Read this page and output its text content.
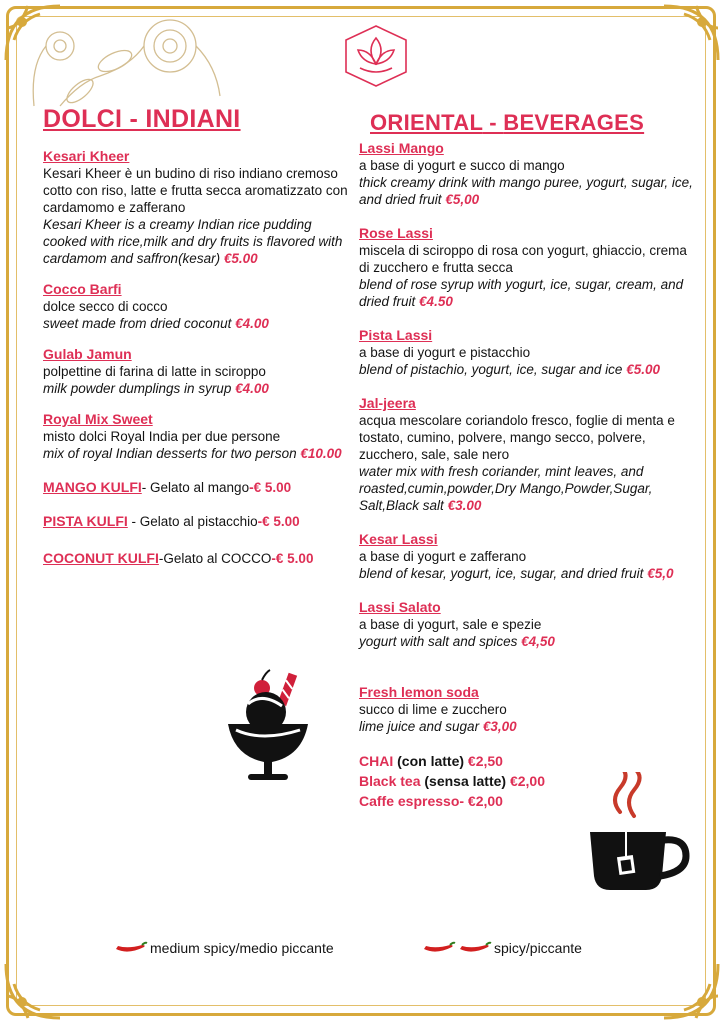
DOLCI - INDIANI
Kesari Kheer
Kesari Kheer è un budino di riso indiano cremoso cotto con riso, latte e frutta secca aromatizzato con cardamomo e zafferano
Kesari Kheer is a creamy Indian rice pudding cooked with rice,milk and dry fruits is flavored with cardamom and saffron(kesar) €5.00
Cocco Barfi
dolce secco di cocco
sweet made from dried coconut €4.00
Gulab Jamun
polpettine di farina di latte in sciroppo
milk powder dumplings in syrup €4.00
Royal Mix Sweet
misto dolci Royal India per due persone
mix of royal Indian desserts for two person €10.00
MANGO KULFI- Gelato al mango-€ 5.00
PISTA KULFI - Gelato al pistacchio-€ 5.00
COCONUT KULFI-Gelato al COCCO-€ 5.00
ORIENTAL - BEVERAGES
Lassi Mango
a base di yogurt e succo di mango
thick creamy drink with mango puree, yogurt, sugar, ice, and dried fruit €5,00
Rose Lassi
miscela di sciroppo di rosa con yogurt, ghiaccio, crema di zucchero e frutta secca
blend of rose syrup with yogurt, ice, sugar, cream, and dried fruit €4.50
Pista Lassi
a base di yogurt e pistacchio
blend of pistachio, yogurt, ice, sugar and ice €5.00
Jal-jeera
acqua mescolare coriandolo fresco, foglie di menta e tostato, cumino, polvere, mango secco, polvere, zucchero, sale, sale nero
water mix with fresh coriander, mint leaves, and roasted,cumin,powder,Dry Mango,Powder,Sugar, Salt,Black salt €3.00
Kesar Lassi
a base di yogurt e zafferano
blend of kesar, yogurt, ice, sugar, and dried fruit €5,0
Lassi Salato
a base di yogurt, sale e spezie
yogurt with salt and spices €4,50
Fresh lemon soda
succo di lime e zucchero
lime juice and sugar €3,00
CHAI (con latte) €2,50
Black tea (sensa latte) €2,00
Caffe espresso- €2,00
medium spicy/medio piccante	spicy/piccante
